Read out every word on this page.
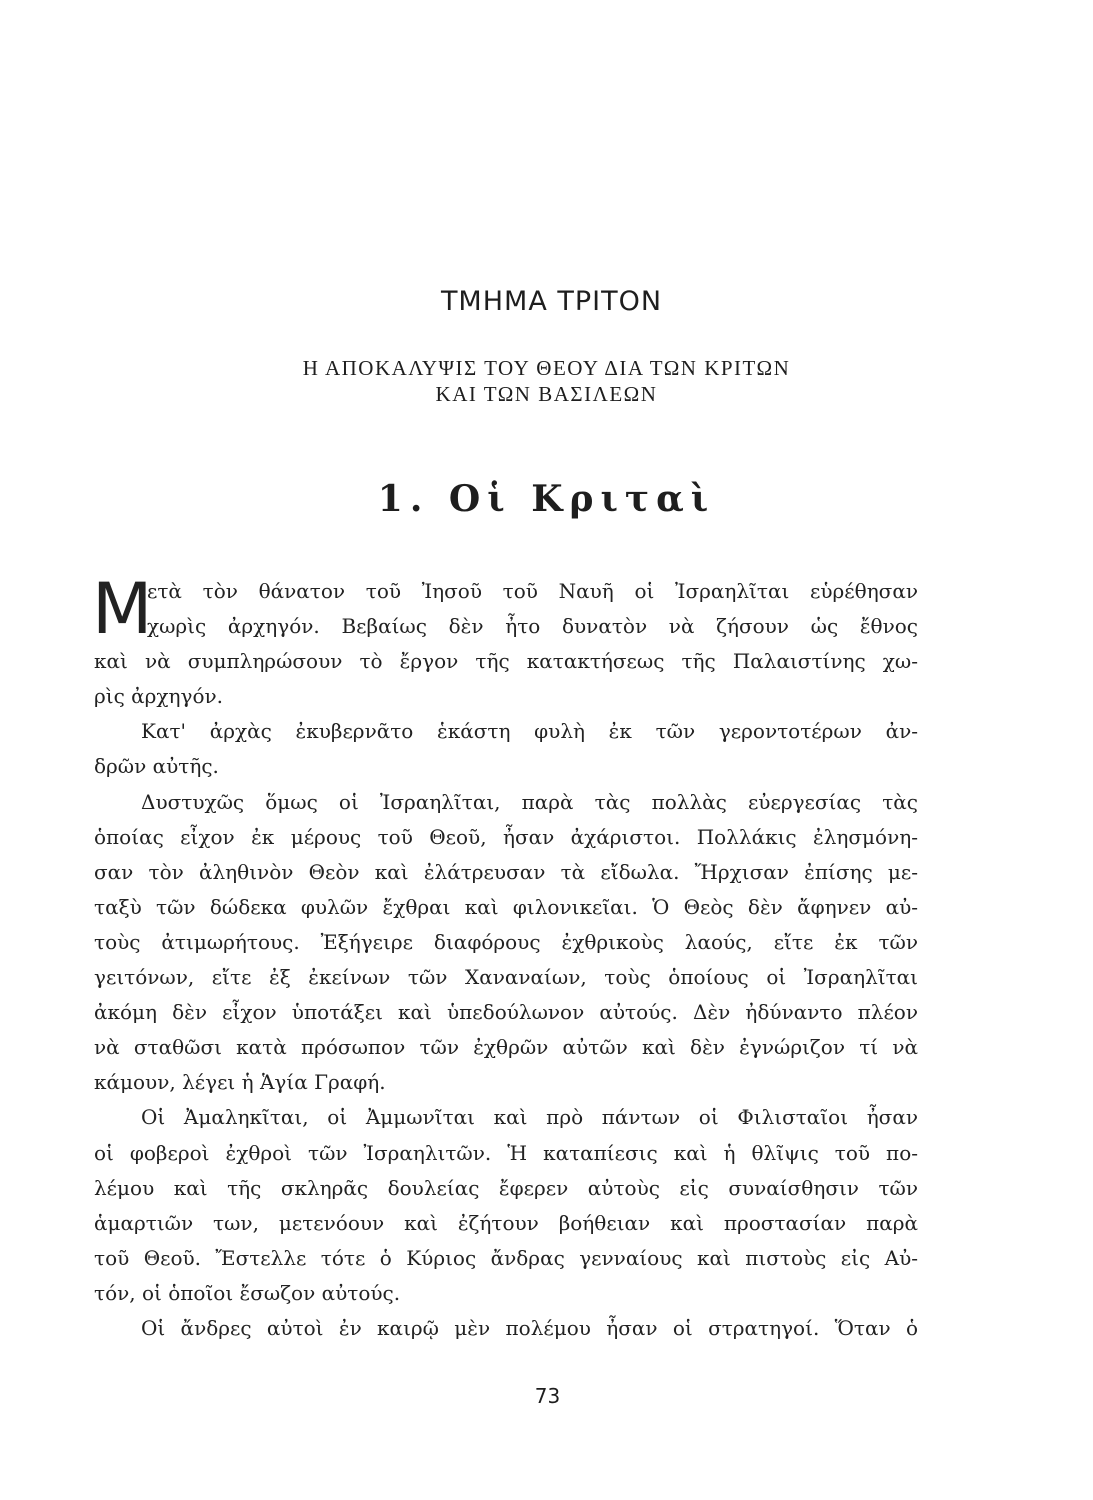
ΤΜΗΜΑ ΤΡΙΤΟΝ
Η ΑΠΟΚΑΛΥΨΙΣ ΤΟΥ ΘΕΟΥ ΔΙΑ ΤΩΝ ΚΡΙΤΩΝ
ΚΑΙ ΤΩΝ ΒΑΣΙΛΕΩΝ
1. Οἱ Κριταὶ
Μ
ετὰ τὸν θάνατον τοῦ Ἰησοῦ τοῦ Ναυῆ οἱ Ἰσραηλῖται εὑρέθησαν
χωρὶς ἀρχηγόν. Βεβαίως δὲν ἦτο δυνατὸν νὰ ζήσουν ὡς ἔθνος
καὶ νὰ συμπληρώσουν τὸ ἔργον τῆς κατακτήσεως τῆς Παλαιστίνης χω-
ρὶς ἀρχηγόν.
Κατ' ἀρχὰς ἐκυβερνᾶτο ἑκάστη φυλὴ ἐκ τῶν γεροντοτέρων ἀν-
δρῶν αὐτῆς.
Δυστυχῶς ὅμως οἱ Ἰσραηλῖται, παρὰ τὰς πολλὰς εὐεργεσίας τὰς
ὁποίας εἶχον ἐκ μέρους τοῦ Θεοῦ, ἦσαν ἀχάριστοι. Πολλάκις ἐλησμόνη-
σαν τὸν ἀληθινὸν Θεὸν καὶ ἐλάτρευσαν τὰ εἴδωλα. Ἤρχισαν ἐπίσης με-
ταξὺ τῶν δώδεκα φυλῶν ἔχθραι καὶ φιλονικεῖαι. Ὁ Θεὸς δὲν ἄφηνεν αὐ-
τοὺς ἀτιμωρήτους. Ἐξήγειρε διαφόρους ἐχθρικοὺς λαούς, εἴτε ἐκ τῶν
γειτόνων, εἴτε ἐξ ἐκείνων τῶν Χαναναίων, τοὺς ὁποίους οἱ Ἰσραηλῖται
ἀκόμη δὲν εἶχον ὑποτάξει καὶ ὑπεδούλωνον αὐτούς. Δὲν ἠδύναντο πλέον
νὰ σταθῶσι κατὰ πρόσωπον τῶν ἐχθρῶν αὐτῶν καὶ δὲν ἐγνώριζον τί νὰ
κάμουν, λέγει ἡ Ἁγία Γραφή.
Οἱ Ἀμαληκῖται, οἱ Ἀμμωνῖται καὶ πρὸ πάντων οἱ Φιλισταῖοι ἦσαν
οἱ φοβεροὶ ἐχθροὶ τῶν Ἰσραηλιτῶν. Ἡ καταπίεσις καὶ ἡ θλῖψις τοῦ πο-
λέμου καὶ τῆς σκληρᾶς δουλείας ἔφερεν αὐτοὺς εἰς συναίσθησιν τῶν
ἁμαρτιῶν των, μετενόουν καὶ ἐζήτουν βοήθειαν καὶ προστασίαν παρὰ
τοῦ Θεοῦ. Ἔστελλε τότε ὁ Κύριος ἄνδρας γενναίους καὶ πιστοὺς εἰς Αὐ-
τόν, οἱ ὁποῖοι ἔσωζον αὐτούς.
Οἱ ἄνδρες αὐτοὶ ἐν καιρῷ μὲν πολέμου ἦσαν οἱ στρατηγοί. Ὅταν ὁ
73
